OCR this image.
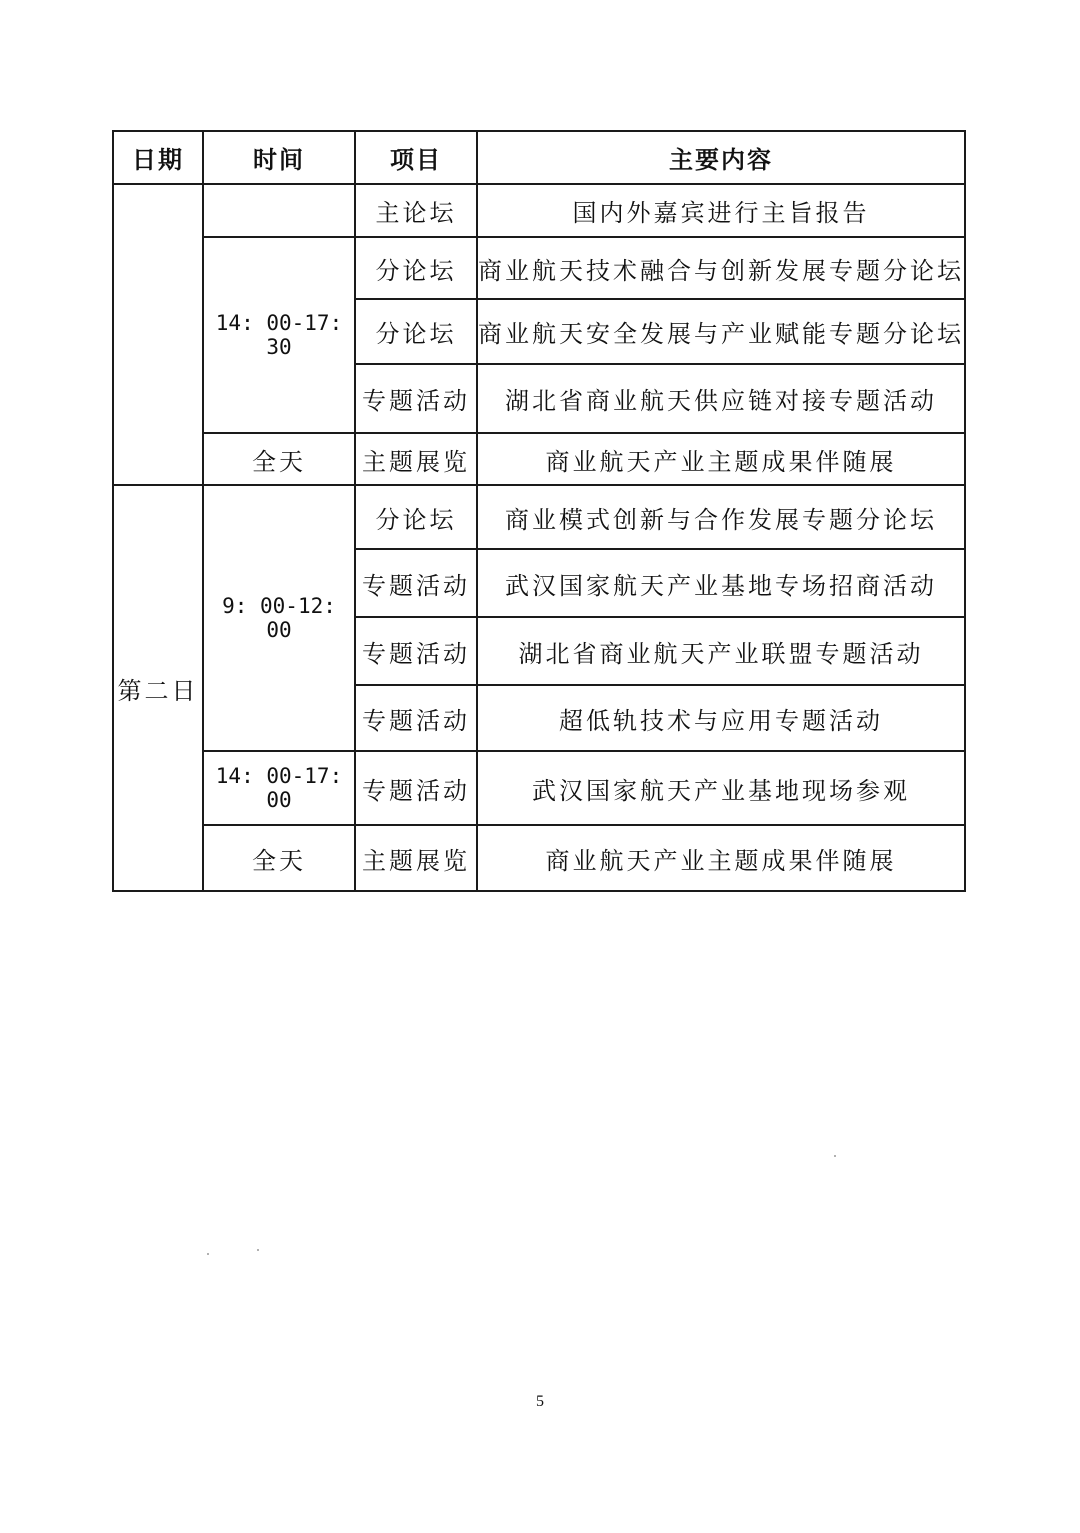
日期	时间	项目	主要内容
		主论坛	国内外嘉宾进行主旨报告
	14: 00-17: 30	分论坛	商业航天技术融合与创新发展专题分论坛
		分论坛	商业航天安全发展与产业赋能专题分论坛
		专题活动	湖北省商业航天供应链对接专题活动
	全天	主题展览	商业航天产业主题成果伴随展
第二日	9: 00-12: 00	分论坛	商业模式创新与合作发展专题分论坛
		专题活动	武汉国家航天产业基地专场招商活动
		专题活动	湖北省商业航天产业联盟专题活动
		专题活动	超低轨技术与应用专题活动
	14: 00-17: 00	专题活动	武汉国家航天产业基地现场参观
	全天	主题展览	商业航天产业主题成果伴随展
5
